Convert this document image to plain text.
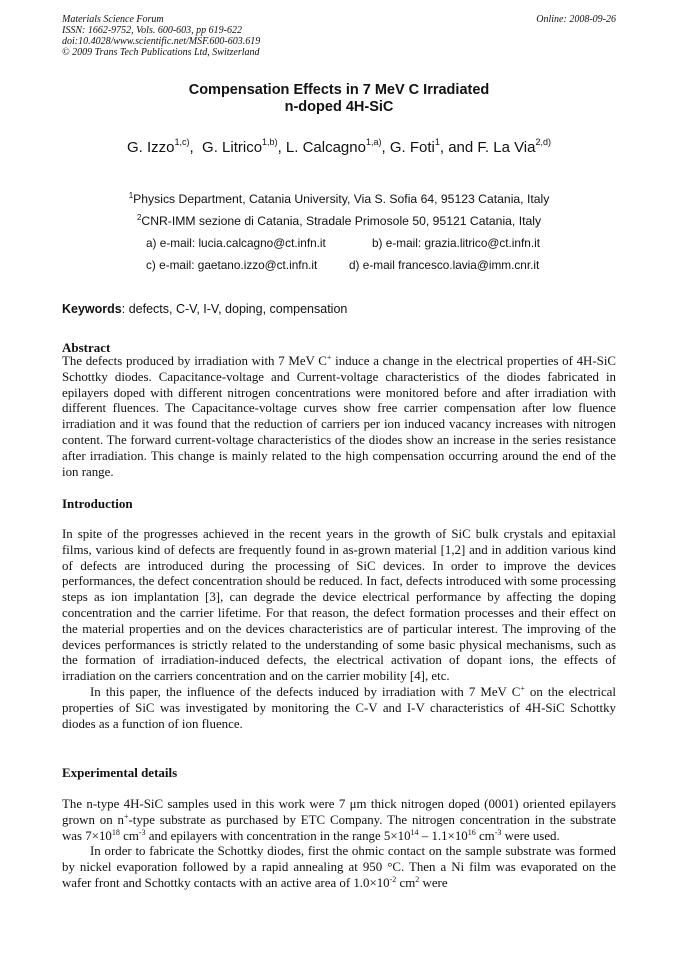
Materials Science Forum	Online: 2008-09-26
ISSN: 1662-9752, Vols. 600-603, pp 619-622
doi:10.4028/www.scientific.net/MSF.600-603.619
© 2009 Trans Tech Publications Ltd, Switzerland
Compensation Effects in 7 MeV C Irradiated
n-doped 4H-SiC
G. Izzo$^{1,c)}$,  G. Litrico$^{1,b)}$, L. Calcagno$^{1,a)}$, G. Foti$^1$, and F. La Via$^{2,d)}$
$^1$Physics Department, Catania University, Via S. Sofia 64, 95123 Catania, Italy
$^2$CNR-IMM sezione di Catania, Stradale Primosole 50, 95121 Catania, Italy
a) e-mail: lucia.calcagno@ct.infn.it	b) e-mail: grazia.litrico@ct.infn.it
c) e-mail: gaetano.izzo@ct.infn.it	d) e-mail francesco.lavia@imm.cnr.it
Keywords: defects, C-V, I-V, doping, compensation
Abstract
The defects produced by irradiation with 7 MeV C+ induce a change in the electrical properties of 4H-SiC Schottky diodes. Capacitance-voltage and Current-voltage characteristics of the diodes fabricated in epilayers doped with different nitrogen concentrations were monitored before and after irradiation with different fluences. The Capacitance-voltage curves show free carrier compensation after low fluence irradiation and it was found that the reduction of carriers per ion induced vacancy increases with nitrogen content. The forward current-voltage characteristics of the diodes show an increase in the series resistance after irradiation. This change is mainly related to the high compensation occurring around the end of the ion range.
Introduction
In spite of the progresses achieved in the recent years in the growth of SiC bulk crystals and epitaxial films, various kind of defects are frequently found in as-grown material [1,2] and in addition various kind of defects are introduced during the processing of SiC devices. In order to improve the devices performances, the defect concentration should be reduced. In fact, defects introduced with some processing steps as ion implantation [3], can degrade the device electrical performance by affecting the doping concentration and the carrier lifetime. For that reason, the defect formation processes and their effect on the material properties and on the devices characteristics are of particular interest. The improving of the devices performances is strictly related to the understanding of some basic physical mechanisms, such as the formation of irradiation-induced defects, the electrical activation of dopant ions, the effects of irradiation on the carriers concentration and on the carrier mobility [4], etc.
In this paper, the influence of the defects induced by irradiation with 7 MeV C+ on the electrical properties of SiC was investigated by monitoring the C-V and I-V characteristics of 4H-SiC Schottky diodes as a function of ion fluence.
Experimental details
The n-type 4H-SiC samples used in this work were 7 μm thick nitrogen doped (0001) oriented epilayers grown on n+-type substrate as purchased by ETC Company. The nitrogen concentration in the substrate was $7\times 10^{18}$ $cm^{-3}$ and epilayers with concentration in the range $5\times 10^{14} - 1.1\times 10^{16}$ $cm^{-3}$ were used.
In order to fabricate the Schottky diodes, first the ohmic contact on the sample substrate was formed by nickel evaporation followed by a rapid annealing at 950 °C. Then a Ni film was evaporated on the wafer front and Schottky contacts with an active area of $1.0\times 10^{-2}$ $cm^2$ were
